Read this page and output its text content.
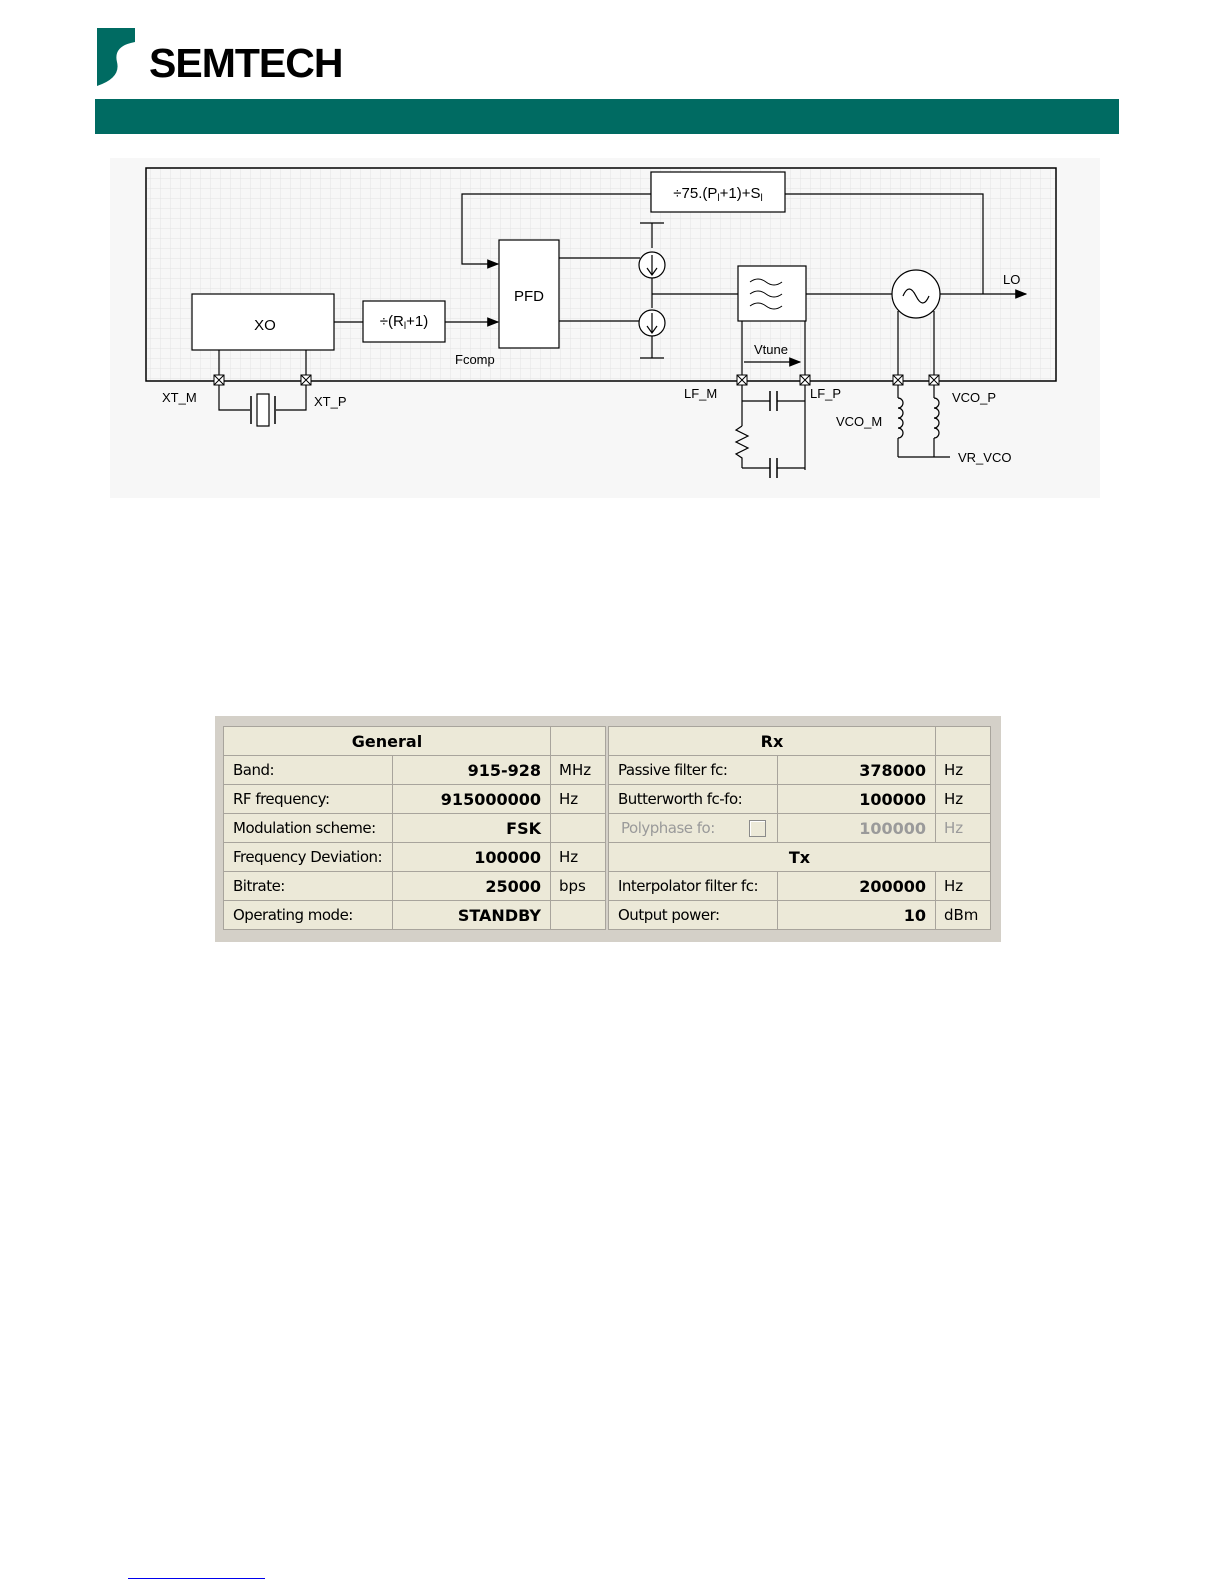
SEMTECH
$\div 75.(P_l+1)+S_l$
XO	$\div(R_l+1)$
Fcomp
PFD
Vtune
LO
XT_M	XT_P
LF_M	LF_P
VCO_M
VCO_P
VR_VCO
General		
Band:	915-928	MHz
RF frequency:	915000000	Hz
Modulation scheme:	FSK	
Frequency Deviation:	100000	Hz
Bitrate:	25000	bps
Operating mode:	STANDBY	
Rx		
Passive filter fc:	378000	Hz
Butterworth fc-fo:	100000	Hz
Polyphase fo:	100000	Hz
Tx		
Interpolator filter fc:	200000	Hz
Output power:	10	dBm
